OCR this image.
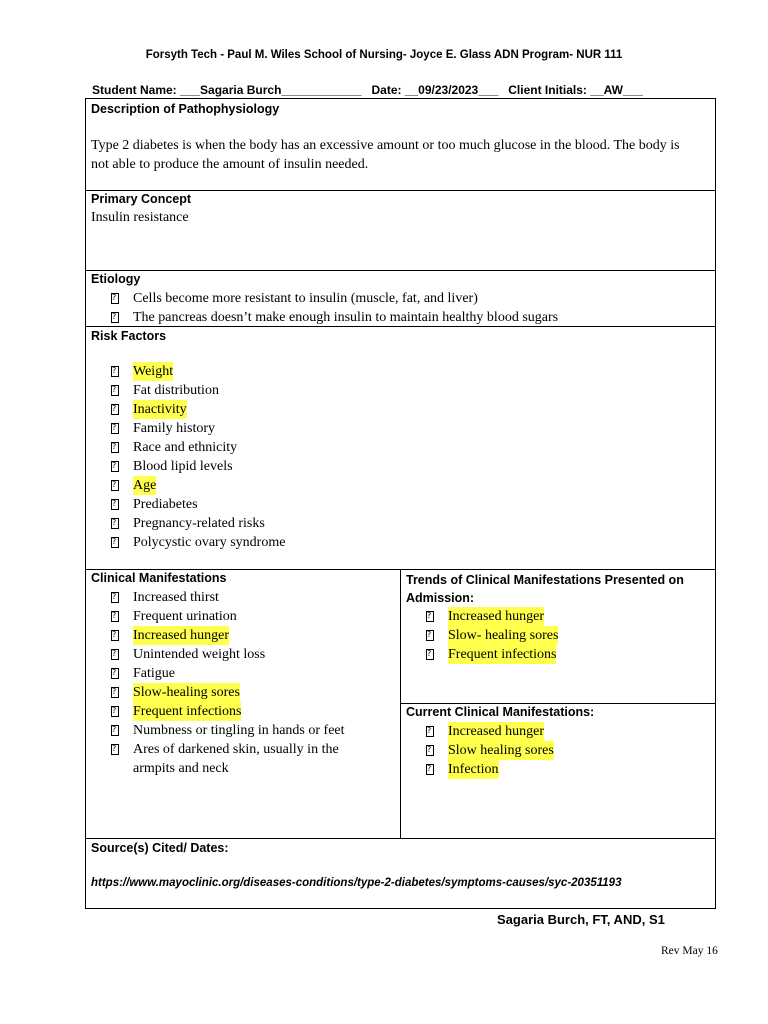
Forsyth Tech - Paul M. Wiles School of Nursing- Joyce E. Glass ADN Program- NUR 111
Student Name: ___Sagaria Burch____________   Date: __09/23/2023___   Client Initials: __AW___
Description of Pathophysiology
Type 2 diabetes is when the body has an excessive amount or too much glucose in the blood. The body is not able to produce the amount of insulin needed.
Primary Concept
Insulin resistance
Etiology
?
Cells become more resistant to insulin (muscle, fat, and liver)
?
The pancreas doesn’t make enough insulin to maintain healthy blood sugars
Risk Factors
?
Weight
?
Fat distribution
?
Inactivity
?
Family history
?
Race and ethnicity
?
Blood lipid levels
?
Age
?
Prediabetes
?
Pregnancy-related risks
?
Polycystic ovary syndrome
Clinical Manifestations
?
Increased thirst
?
Frequent urination
?
Increased hunger
?
Unintended weight loss
?
Fatigue
?
Slow-healing sores
?
Frequent infections
?
Numbness or tingling in hands or feet
?
Ares of darkened skin, usually in the armpits and neck
Trends of Clinical Manifestations Presented on Admission:
?
Increased hunger
?
Slow- healing sores
?
Frequent infections
Current Clinical Manifestations:
?
Increased hunger
?
Slow healing sores
?
Infection
Source(s) Cited/ Dates:
https://www.mayoclinic.org/diseases-conditions/type-2-diabetes/symptoms-causes/syc-20351193
Sagaria Burch, FT, AND, S1
Rev May 16
